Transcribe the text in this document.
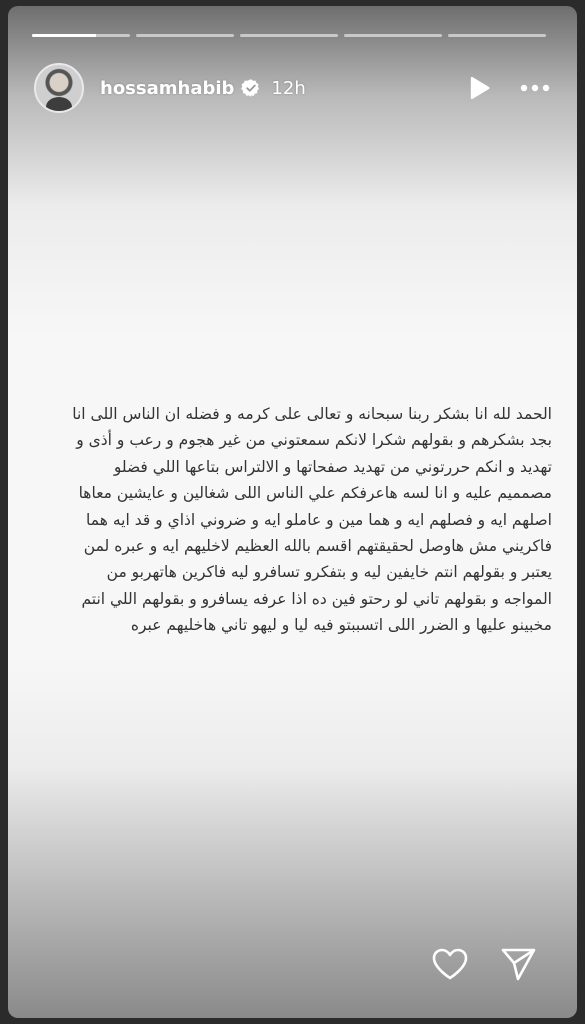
hossamhabib 12h

الحمد لله انا بشكر ربنا سبحانه و تعالى على كرمه و فضله ان الناس اللى انا

بجد بشكرهم و بقولهم شكرا لانكم سمعتوني من غير هجوم و رعب و أذى و

تهديد و انكم حررتوني من تهديد صفحاتها و الالتراس بتاعها اللي فضلو

مصمميم عليه و انا لسه هاعرفكم علي الناس اللى شغالين و عايشين معاها

اصلهم ايه و فصلهم ايه و هما مين و عاملو ايه و ضروني اذاي و قد ايه هما

فاكريني مش هاوصل لحقيقتهم اقسم بالله العظيم لاخليهم ايه و عبره لمن

يعتبر و بقولهم انتم خايفين ليه و بتفكرو تسافرو ليه فاكرين هاتهربو من

المواجه و بقولهم تاني لو رحتو فين ده اذا عرفه يسافرو و بقولهم اللي انتم

مخبينو عليها و الضرر اللى اتسببتو فيه ليا و ليهو تاني هاخليهم عبره
